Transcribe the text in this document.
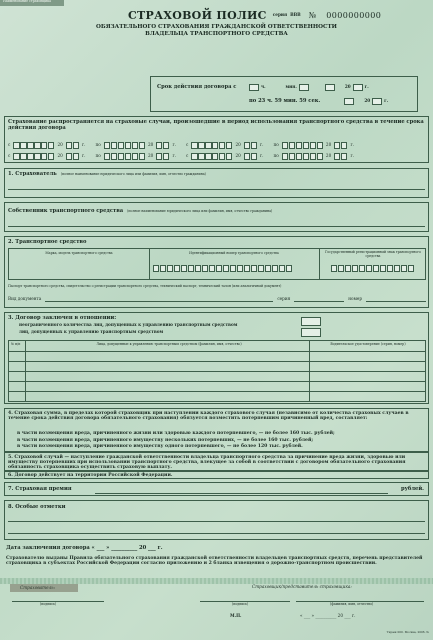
Наименование страховщика
СТРАХОВОЙ ПОЛИС серия ВВВ № 0000000000
ОБЯЗАТЕЛЬНОГО СТРАХОВАНИЯ ГРАЖДАНСКОЙ ОТВЕТСТВЕННОСТИ
ВЛАДЕЛЬЦА ТРАНСПОРТНОГО СРЕДСТВА
Срок действия договора с	ч.	мин.	20	г.
по 23 ч. 59 мин. 59 сек.	20	г.
Страхование распространяется на страховые случаи, произошедшие в период использования транспортного средства в течение срока действия договора
с	20	г. по	20	г. с	20	г. по	20	г.
с	20	г. по	20	г. с	20	г. по	20	г.
1. Страхователь (полное наименование юридического лица или фамилия, имя, отчество гражданина)
Собственник транспортного средства (полное наименование юридического лица или фамилия, имя, отчество гражданина)
2. Транспортное средство
Марка, модель транспортного средства	Идентификационный номер транспортного средства	Государственный регистрационный знак транспортного средства
Паспорт транспортного средства, свидетельство о регистрации транспортного средства, технический паспорт, технический талон (или аналогичный документ)
Вид документа	серия	номер
3. Договор заключен в отношении:
неограниченного количества лиц, допущенных к управлению транспортным средством
лиц, допущенных к управлению транспортным средством
№ п/п	Лица, допущенные к управлению транспортным средством (фамилия, имя, отчество)	Водительское удостоверение (серия, номер)
4. Страховая сумма, в пределах которой страховщик при наступлении каждого страхового случая (независимо от количества страховых случаев в течение срока действия договора обязательного страхования) обязуется возместить потерпевшим причиненный вред, составляет:
в части возмещения вреда, причиненного жизни или здоровью каждого потерпевшего, — не более 160 тыс. рублей;
в части возмещения вреда, причиненного имуществу нескольких потерпевших, — не более 160 тыс. рублей;
в части возмещения вреда, причиненного имуществу одного потерпевшего, — не более 120 тыс. рублей.
5. Страховой случай — наступление гражданской ответственности владельца транспортного средства за причинение вреда жизни, здоровью или имуществу потерпевших при использовании транспортного средства, влекущее за собой в соответствии с договором обязательного страхования обязанность страховщика осуществить страховую выплату.
6. Договор действует на территории Российской Федерации.
7. Страховая премия	рублей.
8. Особые отметки
Дата заключения договора « ___ » __________ 20 ___ г.
Страхователю выданы Правила обязательного страхования гражданской ответственности владельцев транспортных средств, перечень представителей страховщика в субъектах Российской Федерации согласно приложению и 2 бланка извещения о дорожно-транспортном происшествии.
Страхователь:
(подпись)
Страховщик/представитель страховщика:
(подпись)	(фамилия, имя, отчество)
М.П.	« ___ » __________ 20 ___ г.
Тираж 000. Москва, 2006. №
